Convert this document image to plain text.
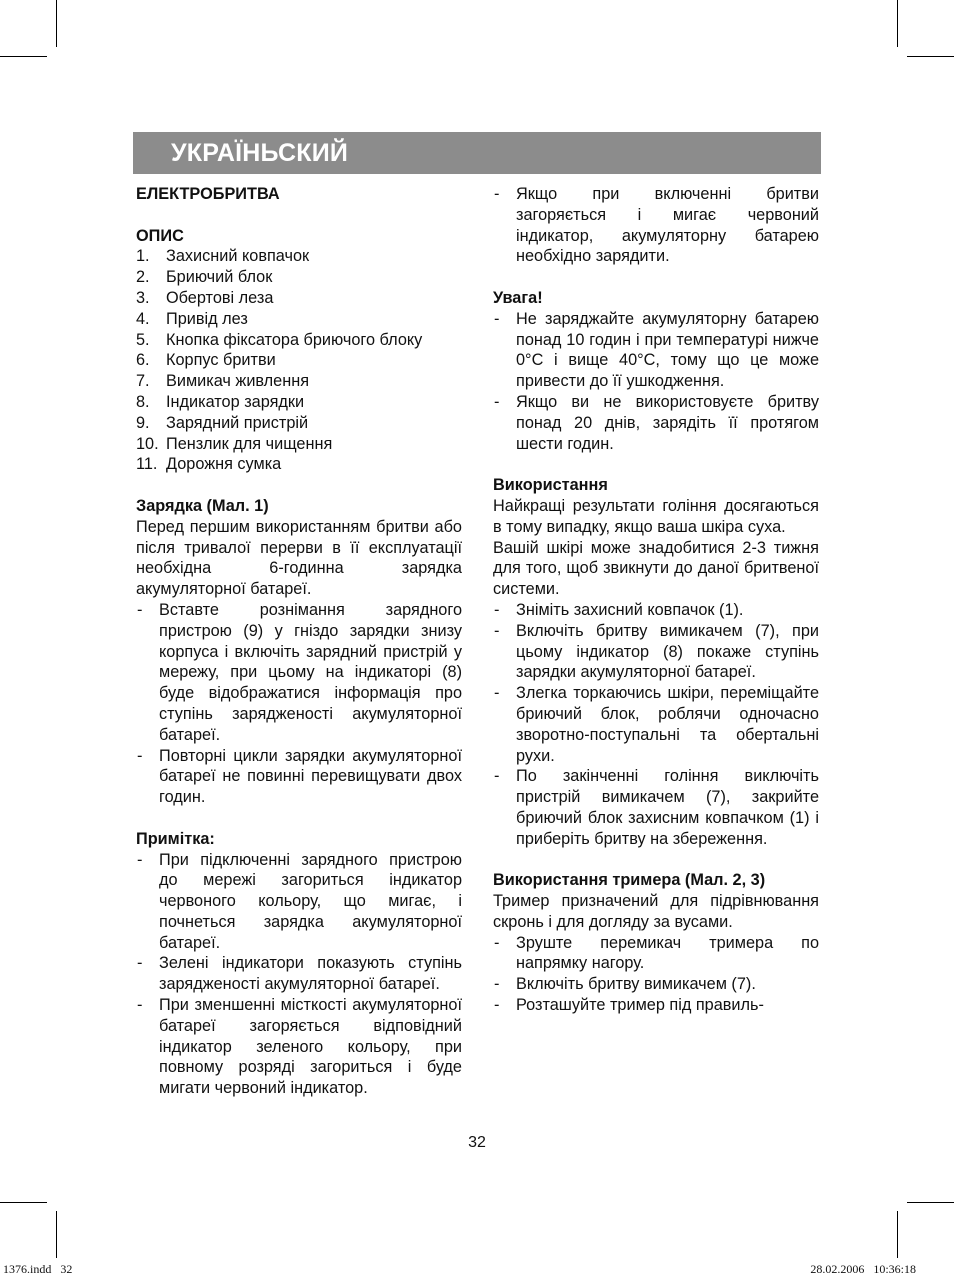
УКРАЇНЬСКИЙ
ЕЛЕКТРОБРИТВА
ОПИС
1.	Захисний ковпачок
2.	Бриючий блок
3.	Обертові леза
4.	Привід лез
5.	Кнопка фіксатора бриючого блоку
6.	Корпус бритви
7.	Вимикач живлення
8.	Індикатор зарядки
9.	Зарядний пристрій
10. Пензлик для чищення
11. Дорожня сумка
Зарядка (Мал. 1)
Перед першим використанням бритви або після тривалої перерви в її експлуатації необхідна 6-годинна зарядка акумуляторної батареї.
-	Вставте рознімання зарядного пристрою (9) у гніздо зарядки знизу корпуса і включіть зарядний пристрій у мережу, при цьому на індикаторі (8) буде відображатися інформація про ступінь зарядженості акумуляторної батареї.
-	Повторні цикли зарядки акумуляторної батареї не повинні перевищувати двох годин.
Примітка:
-	При підключенні зарядного пристрою до мережі загориться індикатор червоного кольору, що мигає, і почнеться зарядка акумуляторної батареї.
-	Зелені індикатори показують ступінь зарядженості акумуляторної батареї.
-	При зменшенні місткості акумуляторної батареї загоряється відповідний індикатор зеленого кольору, при повному розряді загориться і буде мигати червоний індикатор.
-	Якщо при включенні бритви загоряється і мигає червоний індикатор, акумуляторну батарею необхідно зарядити.
Увага!
-	Не заряджайте акумуляторну батарею понад 10 годин і при температурі нижче 0°С і вище 40°С, тому що це може привести до її ушкодження.
-	Якщо ви не використовуєте бритву понад 20 днів, зарядіть її протягом шести годин.
Використання
Найкращі результати гоління досягаються в тому випадку, якщо ваша шкіра суха.
Вашій шкірі може знадобитися 2-3 тижня для того, щоб звикнути до даної бритвеної системи.
-	Зніміть захисний ковпачок (1).
-	Включіть бритву вимикачем (7), при цьому індикатор (8) покаже ступінь зарядки акумуляторної батареї.
-	Злегка торкаючись шкіри, переміщайте бриючий блок, роблячи одночасно зворотно-поступальні та обертальні рухи.
-	По закінченні гоління виключіть пристрій вимикачем (7), закрийте бриючий блок захисним ковпачком (1) і приберіть бритву на збереження.
Використання тримера (Мал. 2, 3)
Тример призначений для підрівнювання скронь і для догляду за вусами.
-	Зруште перемикач тримера по напрямку нагору.
-	Включіть бритву вимикачем (7).
-	Розташуйте тример під правиль-
32
1376.indd   32	28.02.2006   10:36:18
